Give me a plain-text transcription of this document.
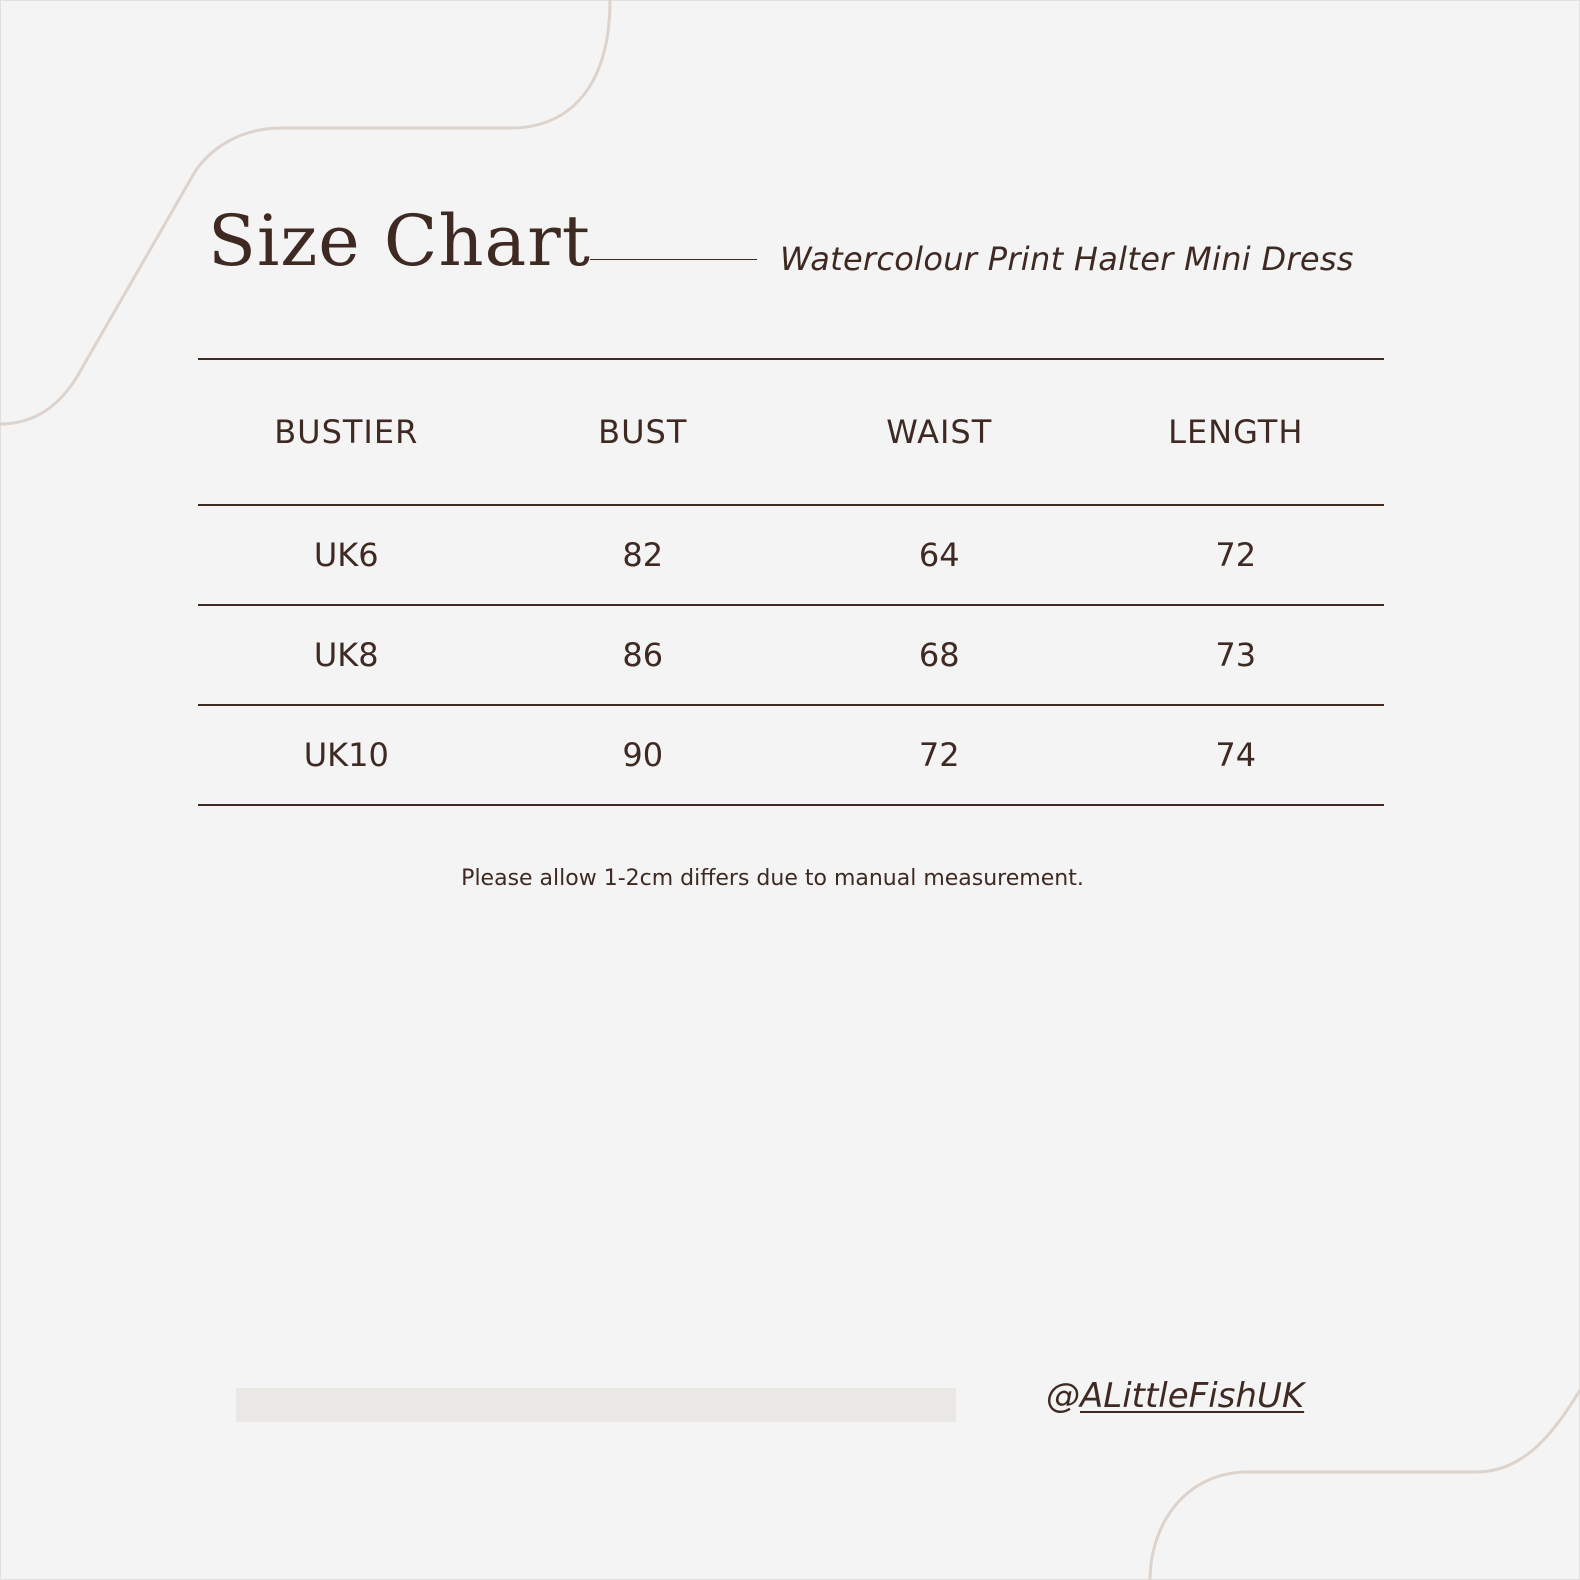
Size Chart	Watercolour Print Halter Mini Dress
BUSTIER	BUST	WAIST	LENGTH
UK6	82	64	72
UK8	86	68	73
UK10	90	72	74
Please allow 1-2cm differs due to manual measurement.
@ALittleFishUK
